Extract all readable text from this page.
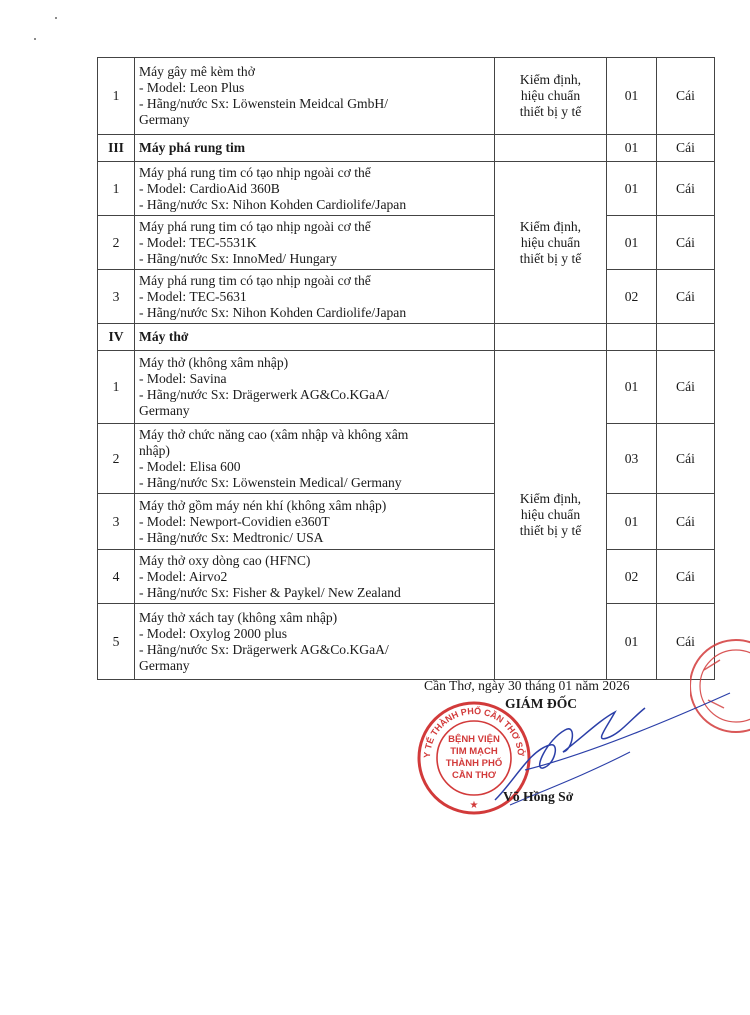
1	Máy gây mê kèm thở
- Model: Leon Plus
- Hãng/nước Sx: Löwenstein Meidcal GmbH/
Germany	Kiểm định,
hiệu chuẩn
thiết bị y tế	01	Cái
III	Máy phá rung tim		01	Cái
1	Máy phá rung tim có tạo nhịp ngoài cơ thể
- Model: CardioAid 360B
- Hãng/nước Sx: Nihon Kohden Cardiolife/Japan	Kiểm định,
hiệu chuẩn
thiết bị y tế	01	Cái
2	Máy phá rung tim có tạo nhịp ngoài cơ thể
- Model: TEC-5531K
- Hãng/nước Sx: InnoMed/ Hungary		01	Cái
3	Máy phá rung tim có tạo nhịp ngoài cơ thể
- Model: TEC-5631
- Hãng/nước Sx: Nihon Kohden Cardiolife/Japan		02	Cái
IV	Máy thở			
1	Máy thở (không xâm nhập)
- Model: Savina
- Hãng/nước Sx: Drägerwerk AG&Co.KGaA/
Germany	Kiểm định,
hiệu chuẩn
thiết bị y tế	01	Cái
2	Máy thở chức năng cao (xâm nhập và không xâm
nhập)
- Model: Elisa 600
- Hãng/nước Sx: Löwenstein Medical/ Germany		03	Cái
3	Máy thở gồm máy nén khí (không xâm nhập)
- Model: Newport-Covidien e360T
- Hãng/nước Sx: Medtronic/ USA		01	Cái
4	Máy thở oxy dòng cao (HFNC)
- Model: Airvo2
- Hãng/nước Sx: Fisher & Paykel/ New Zealand		02	Cái
5	Máy thở xách tay (không xâm nhập)
- Model: Oxylog 2000 plus
- Hãng/nước Sx: Drägerwerk AG&Co.KGaA/
Germany		01	Cái
Cần Thơ, ngày 30 tháng 01 năm 2026
GIÁM ĐỐC
Y TẾ THÀNH PHỐ CẦN THƠ SỞ
BỆNH VIỆN
TIM MẠCH
THÀNH PHỐ
CẦN THƠ
★
Võ Hồng Sở
